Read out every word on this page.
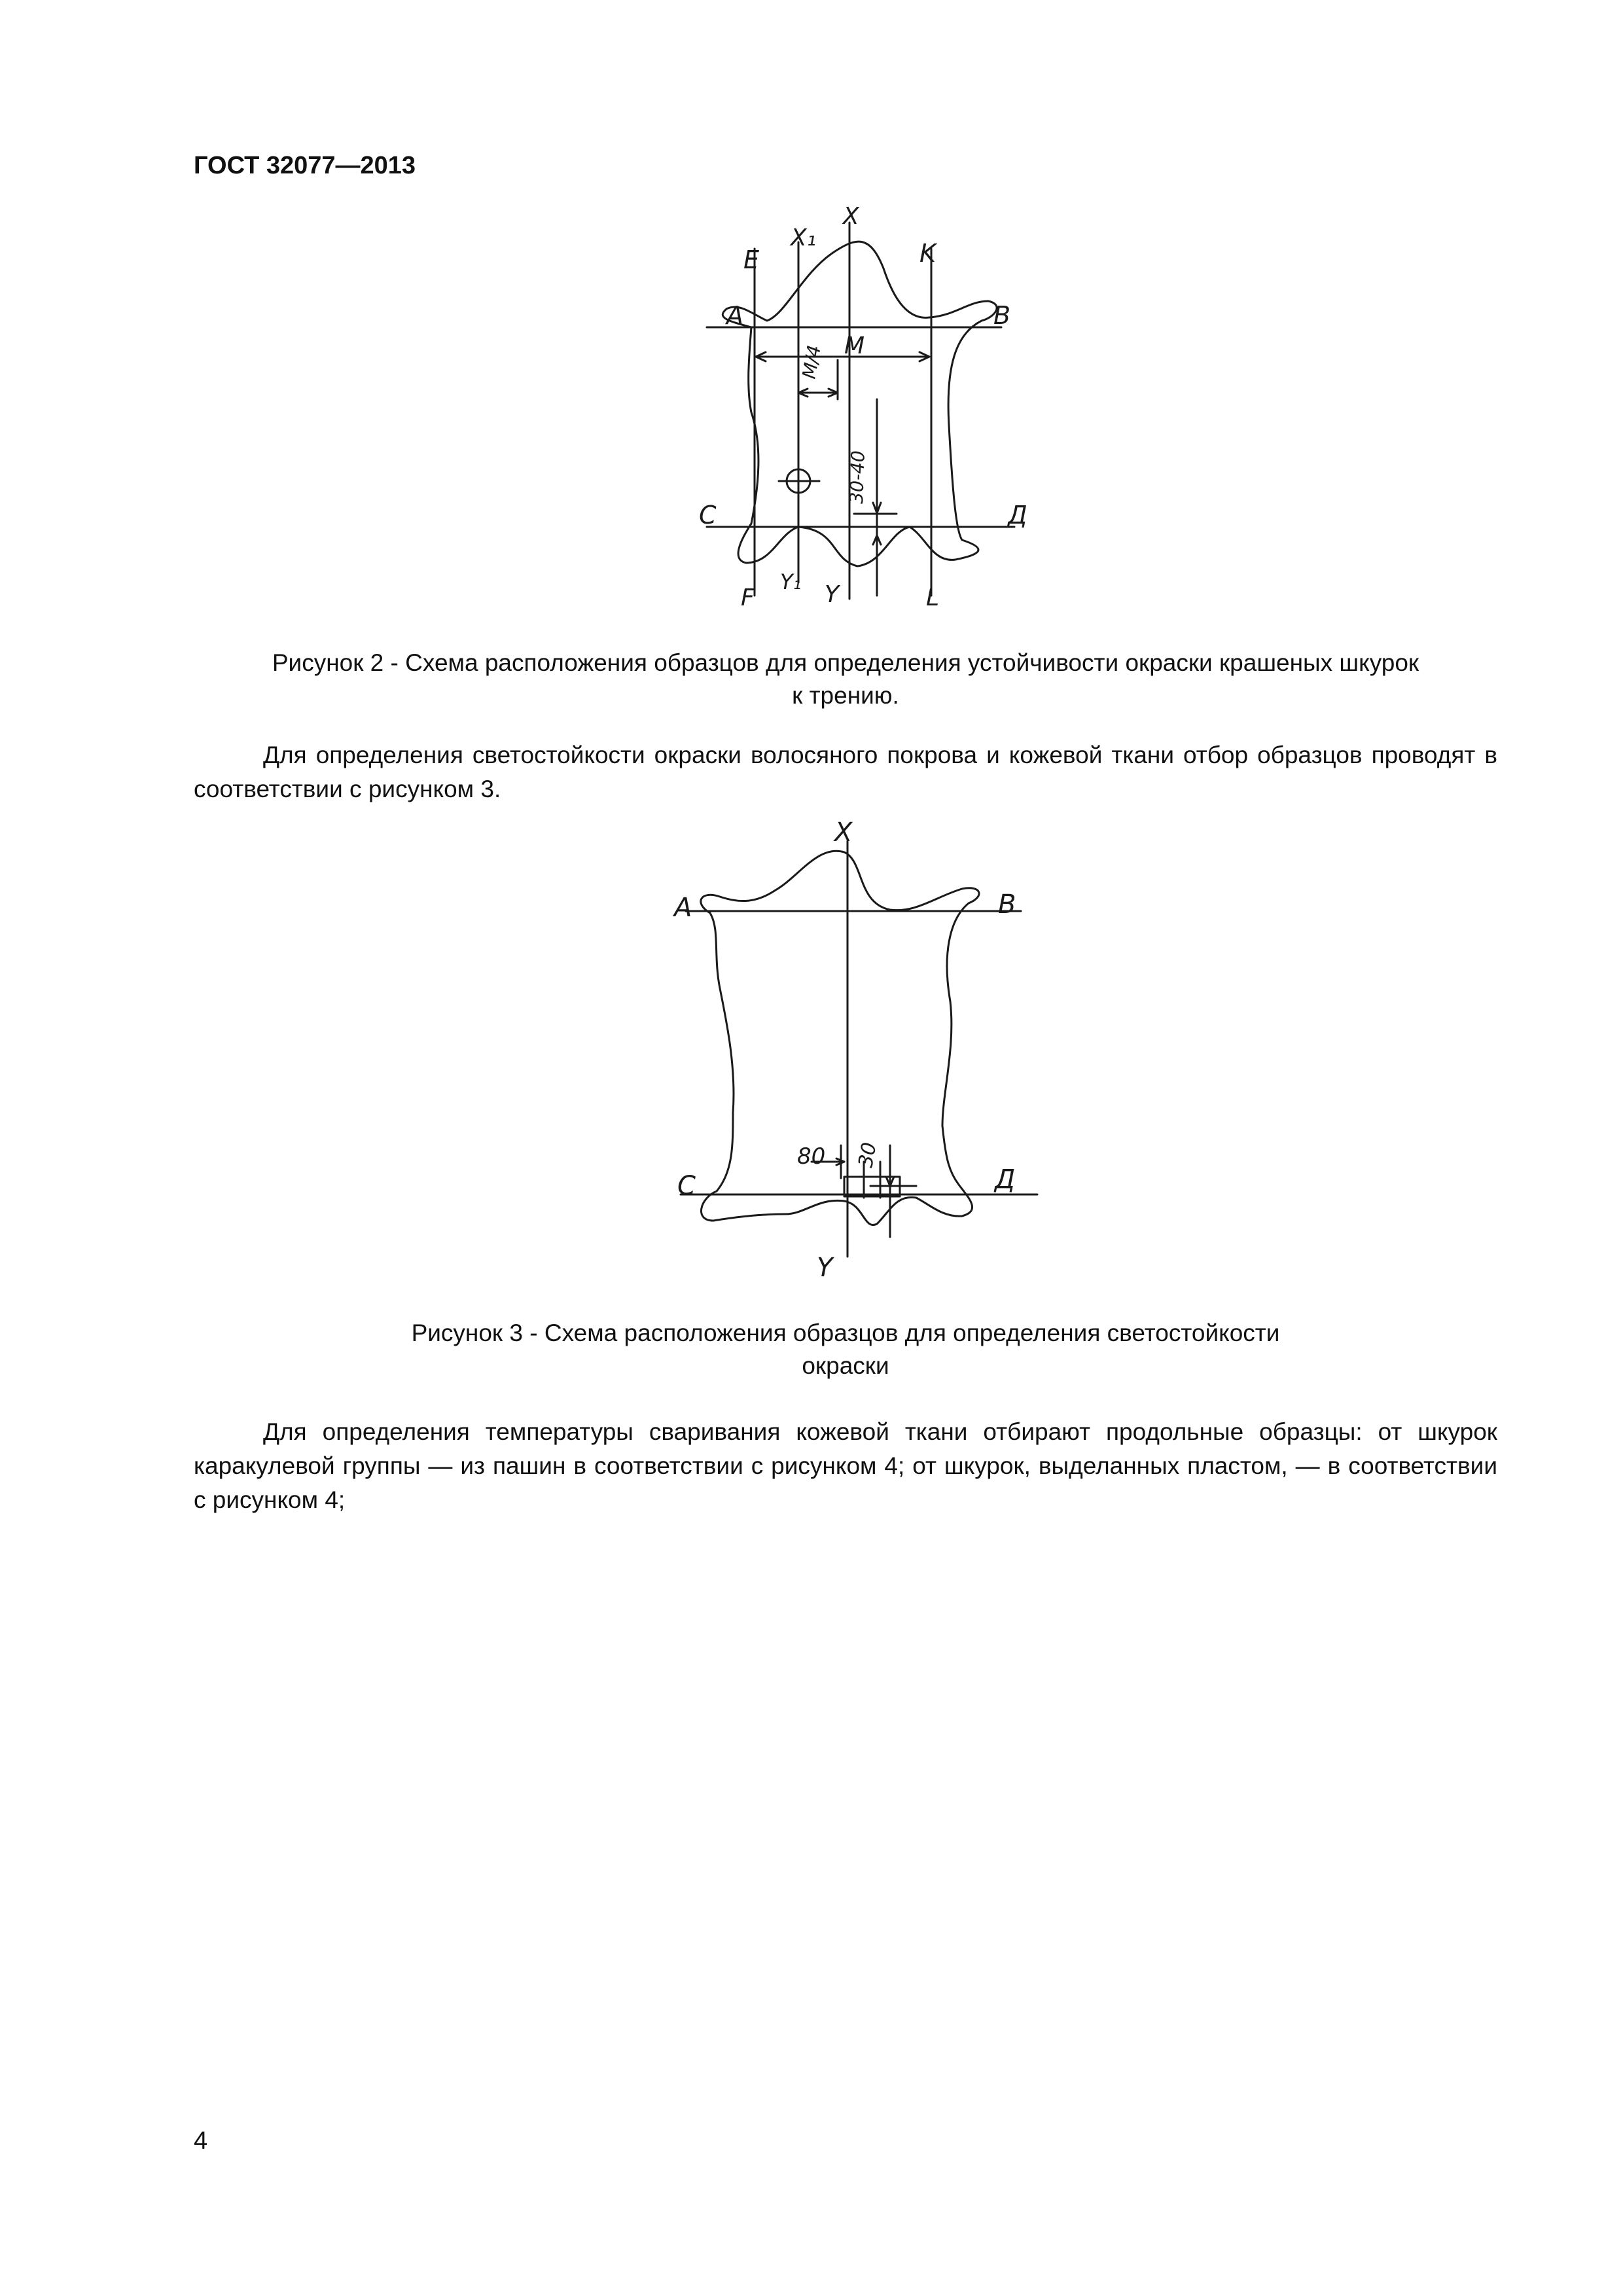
ГОСТ 32077—2013
A	B
E
X₁
X
K
M
M/4
30-40
C	Д
F
Y₁ Y	L
Рисунок 2 - Схема расположения образцов для определения устойчивости окраски крашеных шкурок
к трению.
Для определения светостойкости окраски волосяного покрова и кожевой ткани отбор образцов проводят в соответствии с рисунком 3.
X
A	B
80 30
C	Д
Y
Рисунок 3 - Схема расположения образцов для определения светостойкости
окраски
Для определения температуры сваривания кожевой ткани отбирают продольные образцы: от шкурок каракулевой группы — из пашин в соответствии с рисунком 4; от шкурок, выделанных пластом, — в соответствии с рисунком 4;
4
